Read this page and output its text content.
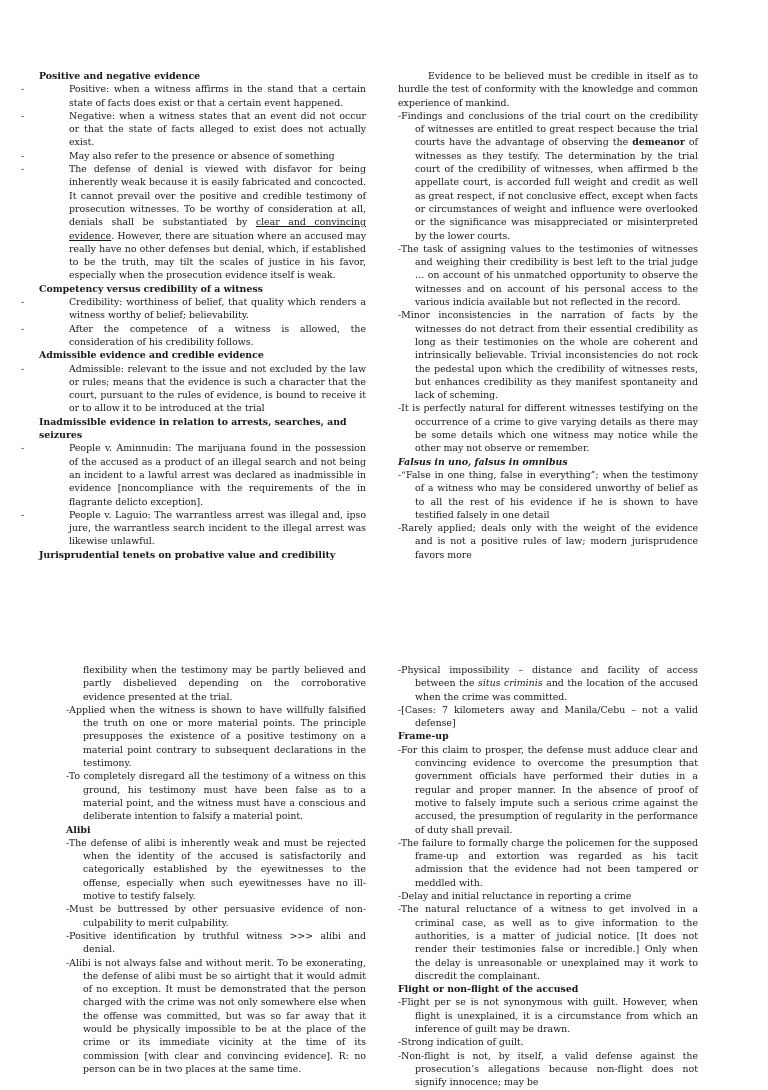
Positive and negative evidence

- Positive: when a witness affirms in the stand that a certain state of facts does exist or that a certain event happened.

- Negative: when a witness states that an event did not occur or that the state of facts alleged to exist does not actually exist.

- May also refer to the presence or absence of something

- The defense of denial is viewed with disfavor for being inherently weak because it is easily fabricated and concocted. It cannot prevail over the positive and credible testimony of prosecution witnesses. To be worthy of consideration at all, denials shall be substantiated by clear and convincing evidence. However, there are situation where an accused may really have no other defenses but denial, which, if established to be the truth, may tilt the scales of justice in his favor, especially when the prosecution evidence itself is weak.

Competency versus credibility of a witness

- Credibility: worthiness of belief, that quality which renders a witness worthy of belief; believability.

- After the competence of a witness is allowed, the consideration of his credibility follows.

Admissible evidence and credible evidence

- Admissible: relevant to the issue and not excluded by the law or rules; means that the evidence is such a character that the court, pursuant to the rules of evidence, is bound to receive it or to allow it to be introduced at the trial

Inadmissible evidence in relation to arrests, searches, and seizures

- People v. Aminnudin: The marijuana found in the possession of the accused as a product of an illegal search and not being an incident to a lawful arrest was declared as inadmissible in evidence [noncompliance with the requirements of the in flagrante delicto exception].

- People v. Laguio: The warrantless arrest was illegal and, ipso jure, the warrantless search incident to the illegal arrest was likewise unlawful.

Jurisprudential tenets on probative value and credibility

Evidence to be believed must be credible in itself as to hurdle the test of conformity with the knowledge and common experience of mankind.

-Findings and conclusions of the trial court on the credibility of witnesses are entitled to great respect because the trial courts have the advantage of observing the demeanor of witnesses as they testify. The determination by the trial court of the credibility of witnesses, when affirmed b the appellate court, is accorded full weight and credit as well as great respect, if not conclusive effect, except when facts or circumstances of weight and influence were overlooked or the significance was misappreciated or misinterpreted by the lower courts.

-The task of assigning values to the testimonies of witnesses and weighing their credibility is best left to the trial judge … on account of his unmatched opportunity to observe the witnesses and on account of his personal access to the various indicia available but not reflected in the record.

-Minor inconsistencies in the narration of facts by the witnesses do not detract from their essential credibility as long as their testimonies on the whole are coherent and intrinsically believable. Trivial inconsistencies do not rock the pedestal upon which the credibility of witnesses rests, but enhances credibility as they manifest spontaneity and lack of scheming.

-It is perfectly natural for different witnesses testifying on the occurrence of a crime to give varying details as there may be some details which one witness may notice while the other may not observe or remember.

Falsus in uno, falsus in omnibus

-“False in one thing, false in everything”; when the testimony of a witness who may be considered unworthy of belief as to all the rest of his evidence if he is shown to have testified falsely in one detail

-Rarely applied; deals only with the weight of the evidence and is not a positive rules of law; modern jurisprudence favors more

flexibility when the testimony may be partly believed and partly disbelieved depending on the corroborative evidence presented at the trial.

-Applied when the witness is shown to have willfully falsified the truth on one or more material points. The principle presupposes the existence of a positive testimony on a material point contrary to subsequent declarations in the testimony.

-To completely disregard all the testimony of a witness on this ground, his testimony must have been false as to a material point, and the witness must have a conscious and deliberate intention to falsify a material point.

Alibi

-The defense of alibi is inherently weak and must be rejected when the identity of the accused is satisfactorily and categorically established by the eyewitnesses to the offense, especially when such eyewitnesses have no ill-motive to testify falsely.

-Must be buttressed by other persuasive evidence of non-culpability to merit culpability.

-Positive identification by truthful witness >>> alibi and denial.

-Alibi is not always false and without merit. To be exonerating, the defense of alibi must be so airtight that it would admit of no exception. It must be demonstrated that the person charged with the crime was not only somewhere else when the offense was committed, but was so far away that it would be physically impossible to be at the place of the crime or its immediate vicinity at the time of its commission [with clear and convincing evidence]. R: no person can be in two places at the same time.

-Physical impossibility – distance and facility of access between the situs criminis and the location of the accused when the crime was committed.

-[Cases: 7 kilometers away and Manila/Cebu – not a valid defense]

Frame-up

-For this claim to prosper, the defense must adduce clear and convincing evidence to overcome the presumption that government officials have performed their duties in a regular and proper manner. In the absence of proof of motive to falsely impute such a serious crime against the accused, the presumption of regularity in the performance of duty shall prevail.

-The failure to formally charge the policemen for the supposed frame-up and extortion was regarded as his tacit admission that the evidence had not been tampered or meddled with.

-Delay and initial reluctance in reporting a crime

-The natural reluctance of a witness to get involved in a criminal case, as well as to give information to the authorities, is a matter of judicial notice. [It does not render their testimonies false or incredible.] Only when the delay is unreasonable or unexplained may it work to discredit the complainant.

Flight or non-flight of the accused

-Flight per se is not synonymous with guilt. However, when flight is unexplained, it is a circumstance from which an inference of guilt may be drawn.

-Strong indication of guilt.

-Non-flight is not, by itself, a valid defense against the prosecution’s allegations because non-flight does not signify innocence; may be
